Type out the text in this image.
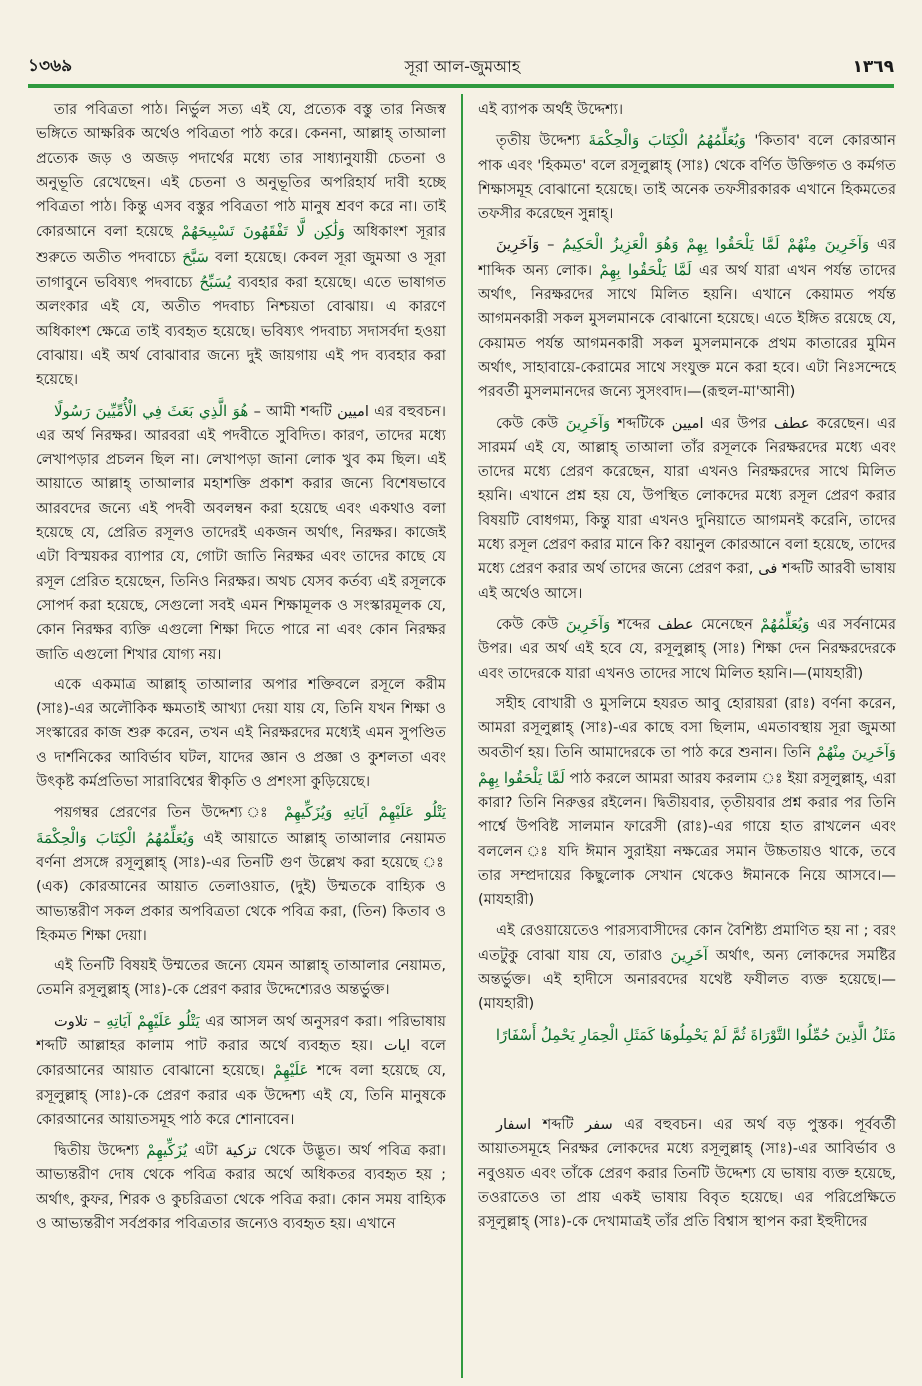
১৩৬৯	সূরা আল-জুমআহ	١٣٦٩

তার পবিত্রতা পাঠ। নির্ভুল সত্য এই যে, প্রত্যেক বস্তু তার নিজস্ব ভঙ্গিতে আক্ষরিক অর্থেও পবিত্রতা পাঠ করে। কেননা, আল্লাহ্ তাআলা প্রত্যেক জড় ও অজড় পদার্থের মধ্যে তার সাধ্যানুযায়ী চেতনা ও অনুভূতি রেখেছেন। এই চেতনা ও অনুভূতির অপরিহার্য দাবী হচ্ছে পবিত্রতা পাঠ। কিন্তু এসব বস্তুর পবিত্রতা পাঠ মানুষ শ্রবণ করে না। তাই কোরআনে বলা হয়েছে وَلَٰكِن لَّا تَفْقَهُونَ تَسْبِيحَهُمْ অধিকাংশ সূরার শুরুতে অতীত পদবাচ্যে سَبَّحَ বলা হয়েছে। কেবল সূরা জুমআ ও সূরা তাগাবুনে ভবিষ্যৎ পদবাচ্যে يُسَبِّحُ ব্যবহার করা হয়েছে। এতে ভাষাগত অলংকার এই যে, অতীত পদবাচ্য নিশ্চয়তা বোঝায়। এ কারণে অধিকাংশ ক্ষেত্রে তাই ব্যবহৃত হয়েছে। ভবিষ্যৎ পদবাচ্য সদাসর্বদা হওয়া বোঝায়। এই অর্থ বোঝাবার জন্যে দুই জায়গায় এই পদ ব্যবহার করা হয়েছে।

هُوَ الَّذِي بَعَثَ فِي الْأُمِّيِّينَ رَسُولًا – আমী শব্দটি اميين এর বহুবচন। এর অর্থ নিরক্ষর। আরবরা এই পদবীতে সুবিদিত। কারণ, তাদের মধ্যে লেখাপড়ার প্রচলন ছিল না। লেখাপড়া জানা লোক খুব কম ছিল। এই আয়াতে আল্লাহ্ তাআলার মহাশক্তি প্রকাশ করার জন্যে বিশেষভাবে আরবদের জন্যে এই পদবী অবলম্বন করা হয়েছে এবং একথাও বলা হয়েছে যে, প্রেরিত রসূলও তাদেরই একজন অর্থাৎ, নিরক্ষর। কাজেই এটা বিস্ময়কর ব্যাপার যে, গোটা জাতি নিরক্ষর এবং তাদের কাছে যে রসূল প্রেরিত হয়েছেন, তিনিও নিরক্ষর। অথচ যেসব কর্তব্য এই রসূলকে সোপর্দ করা হয়েছে, সেগুলো সবই এমন শিক্ষামূলক ও সংস্কারমূলক যে, কোন নিরক্ষর ব্যক্তি এগুলো শিক্ষা দিতে পারে না এবং কোন নিরক্ষর জাতি এগুলো শিখার যোগ্য নয়।

একে একমাত্র আল্লাহ্ তাআলার অপার শক্তিবলে রসূলে করীম (সাঃ)-এর অলৌকিক ক্ষমতাই আখ্যা দেয়া যায় যে, তিনি যখন শিক্ষা ও সংস্কারের কাজ শুরু করেন, তখন এই নিরক্ষরদের মধ্যেই এমন সুপণ্ডিত ও দার্শনিকের আবির্ভাব ঘটল, যাদের জ্ঞান ও প্রজ্ঞা ও কুশলতা এবং উৎকৃষ্ট কর্মপ্রতিভা সারাবিশ্বের স্বীকৃতি ও প্রশংসা কুড়িয়েছে।

পয়গম্বর প্রেরণের তিন উদ্দেশ্য ঃ يَتْلُو عَلَيْهِمْ آيَاتِهِ وَيُزَكِّيهِمْ وَيُعَلِّمُهُمُ الْكِتَابَ وَالْحِكْمَةَ এই আয়াতে আল্লাহ্ তাআলার নেয়ামত বর্ণনা প্রসঙ্গে রসূলুল্লাহ্ (সাঃ)-এর তিনটি গুণ উল্লেখ করা হয়েছে ঃ (এক) কোরআনের আয়াত তেলাওয়াত, (দুই) উম্মতকে বাহ্যিক ও আভ্যন্তরীণ সকল প্রকার অপবিত্রতা থেকে পবিত্র করা, (তিন) কিতাব ও হিকমত শিক্ষা দেয়া।

এই তিনটি বিষয়ই উম্মতের জন্যে যেমন আল্লাহ্ তাআলার নেয়ামত, তেমনি রসূলুল্লাহ্ (সাঃ)-কে প্রেরণ করার উদ্দেশ্যেরও অন্তর্ভুক্ত।

يَتْلُو عَلَيْهِمْ آيَاتِهِ – تلاوت এর আসল অর্থ অনুসরণ করা। পরিভাষায় শব্দটি আল্লাহর কালাম পাট করার অর্থে ব্যবহৃত হয়। ايات বলে কোরআনের আয়াত বোঝানো হয়েছে। عَلَيْهِمْ শব্দে বলা হয়েছে যে, রসূলুল্লাহ্ (সাঃ)-কে প্রেরণ করার এক উদ্দেশ্য এই যে, তিনি মানুষকে কোরআনের আয়াতসমূহ পাঠ করে শোনাবেন।

দ্বিতীয় উদ্দেশ্য يُزَكِّيهِمْ এটা تزكية থেকে উদ্ভূত। অর্থ পবিত্র করা। আভ্যন্তরীণ দোষ থেকে পবিত্র করার অর্থে অধিকতর ব্যবহৃত হয় ; অর্থাৎ, কুফর, শিরক ও কুচরিত্রতা থেকে পবিত্র করা। কোন সময় বাহ্যিক ও আভ্যন্তরীণ সর্বপ্রকার পবিত্রতার জন্যেও ব্যবহৃত হয়। এখানে

এই ব্যাপক অর্থই উদ্দেশ্য।

তৃতীয় উদ্দেশ্য وَيُعَلِّمُهُمُ الْكِتَابَ وَالْحِكْمَةَ 'কিতাব' বলে কোরআন পাক এবং 'হিকমত' বলে রসূলুল্লাহ্ (সাঃ) থেকে বর্ণিত উক্তিগত ও কর্মগত শিক্ষাসমূহ বোঝানো হয়েছে। তাই অনেক তফসীরকারক এখানে হিকমতের তফসীর করেছেন সুন্নাহ্।

وَآخَرِينَ مِنْهُمْ لَمَّا يَلْحَقُوا بِهِمْ وَهُوَ الْعَزِيزُ الْحَكِيمُ – وَآخَرِينَ এর শাব্দিক অন্য লোক। لَمَّا يَلْحَقُوا بِهِمْ এর অর্থ যারা এখন পর্যন্ত তাদের অর্থাৎ, নিরক্ষরদের সাথে মিলিত হয়নি। এখানে কেয়ামত পর্যন্ত আগমনকারী সকল মুসলমানকে বোঝানো হয়েছে। এতে ইঙ্গিত রয়েছে যে, কেয়ামত পর্যন্ত আগমনকারী সকল মুসলমানকে প্রথম কাতারের মুমিন অর্থাৎ, সাহাবায়ে-কেরামের সাথে সংযুক্ত মনে করা হবে। এটা নিঃসন্দেহে পরবর্তী মুসলমানদের জন্যে সুসংবাদ।—(রূহুল-মা'আনী)

কেউ কেউ وَآخَرِينَ শব্দটিকে اميين এর উপর عطف করেছেন। এর সারমর্ম এই যে, আল্লাহ্ তাআলা তাঁর রসূলকে নিরক্ষরদের মধ্যে এবং তাদের মধ্যে প্রেরণ করেছেন, যারা এখনও নিরক্ষরদের সাথে মিলিত হয়নি। এখানে প্রশ্ন হয় যে, উপস্থিত লোকদের মধ্যে রসূল প্রেরণ করার বিষয়টি বোধগম্য, কিন্তু যারা এখনও দুনিয়াতে আগমনই করেনি, তাদের মধ্যে রসূল প্রেরণ করার মানে কি? বয়ানুল কোরআনে বলা হয়েছে, তাদের মধ্যে প্রেরণ করার অর্থ তাদের জন্যে প্রেরণ করা, فى শব্দটি আরবী ভাষায় এই অর্থেও আসে।

কেউ কেউ وَآخَرِينَ শব্দের عطف মেনেছেন وَيُعَلِّمُهُمْ এর সর্বনামের উপর। এর অর্থ এই হবে যে, রসূলুল্লাহ্ (সাঃ) শিক্ষা দেন নিরক্ষরদেরকে এবং তাদেরকে যারা এখনও তাদের সাথে মিলিত হয়নি।—(মাযহারী)

সহীহ বোখারী ও মুসলিমে হযরত আবু হোরায়রা (রাঃ) বর্ণনা করেন, আমরা রসূলুল্লাহ্ (সাঃ)-এর কাছে বসা ছিলাম, এমতাবস্থায় সূরা জুমআ অবতীর্ণ হয়। তিনি আমাদেরকে তা পাঠ করে শুনান। তিনি وَآخَرِينَ مِنْهُمْ لَمَّا يَلْحَقُوا بِهِمْ পাঠ করলে আমরা আরয করলাম ঃ ইয়া রসূলুল্লাহ্, এরা কারা? তিনি নিরুত্তর রইলেন। দ্বিতীয়বার, তৃতীয়বার প্রশ্ন করার পর তিনি পার্শ্বে উপবিষ্ট সালমান ফারেসী (রাঃ)-এর গায়ে হাত রাখলেন এবং বললেন ঃ যদি ঈমান সুরাইয়া নক্ষত্রের সমান উচ্চতায়ও থাকে, তবে তার সম্প্রদায়ের কিছুলোক সেখান থেকেও ঈমানকে নিয়ে আসবে।—(মাযহারী)

এই রেওয়ায়েতেও পারস্যবাসীদের কোন বৈশিষ্ট্য প্রমাণিত হয় না ; বরং এতটুকু বোঝা যায় যে, তারাও آخَرِينَ অর্থাৎ, অন্য লোকদের সমষ্টির অন্তর্ভুক্ত। এই হাদীসে অনারবদের যথেষ্ট ফযীলত ব্যক্ত হয়েছে।—(মাযহারী)

مَثَلُ الَّذِينَ حُمِّلُوا التَّوْرَاةَ ثُمَّ لَمْ يَحْمِلُوهَا كَمَثَلِ الْحِمَارِ يَحْمِلُ أَسْفَارًا

اسفار শব্দটি سفر এর বহুবচন। এর অর্থ বড় পুস্তক। পূর্ববর্তী আয়াতসমূহে নিরক্ষর লোকদের মধ্যে রসূলুল্লাহ্ (সাঃ)-এর আবির্ভাব ও নবুওয়ত এবং তাঁকে প্রেরণ করার তিনটি উদ্দেশ্য যে ভাষায় ব্যক্ত হয়েছে, তওরাতেও তা প্রায় একই ভাষায় বিবৃত হয়েছে। এর পরিপ্রেক্ষিতে রসূলুল্লাহ্ (সাঃ)-কে দেখামাত্রই তাঁর প্রতি বিশ্বাস স্থাপন করা ইহুদীদের
